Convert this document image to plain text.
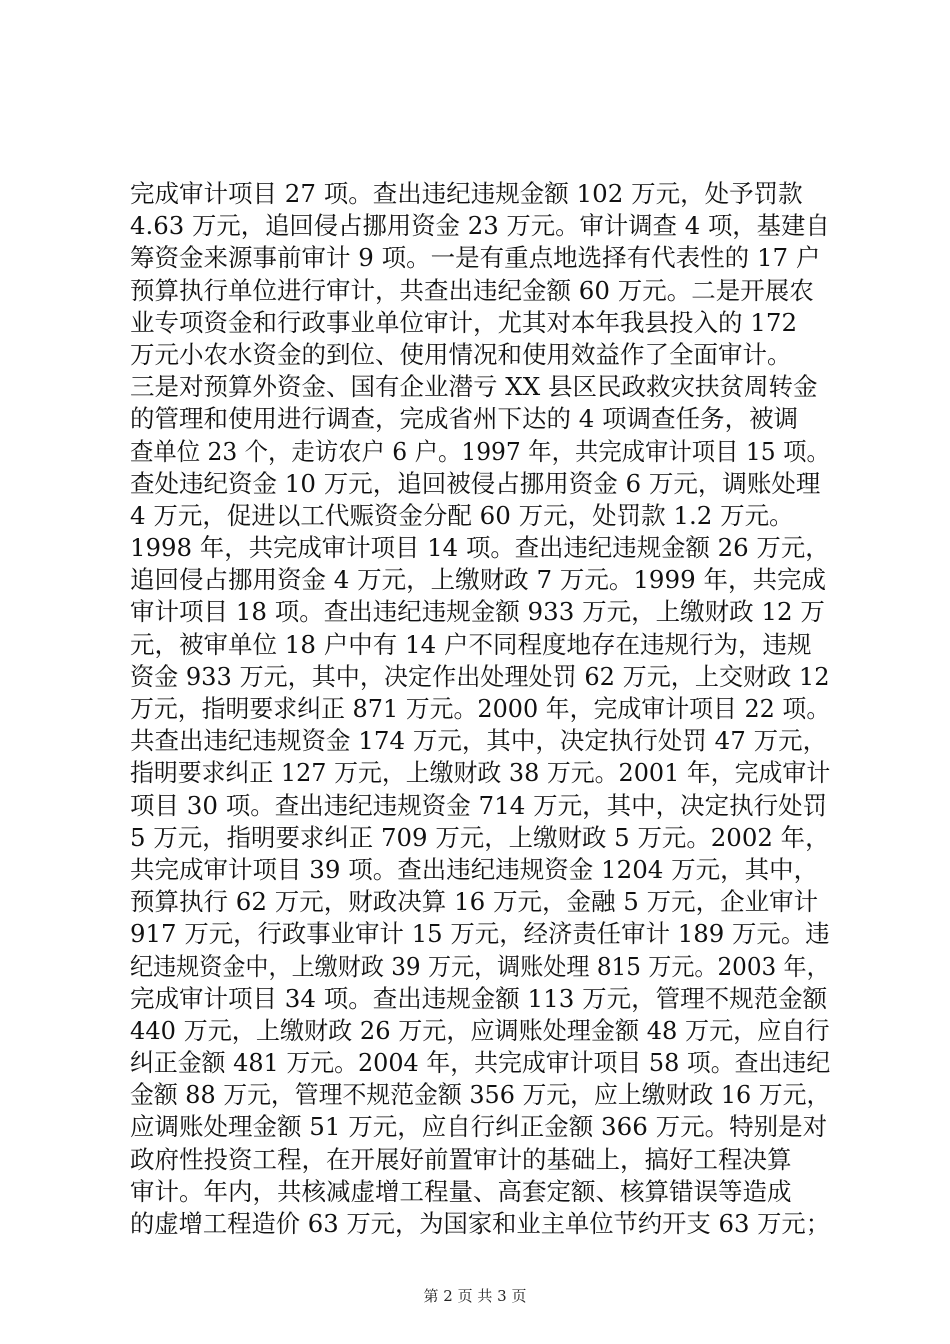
完成审计项目 27 项。查出违纪违规金额 102 万元，处予罚款
4.63 万元，追回侵占挪用资金 23 万元。审计调查 4 项，基建自
筹资金来源事前审计 9 项。一是有重点地选择有代表性的 17 户
预算执行单位进行审计，共查出违纪金额 60 万元。二是开展农
业专项资金和行政事业单位审计，尤其对本年我县投入的 172
万元小农水资金的到位、使用情况和使用效益作了全面审计。
三是对预算外资金、国有企业潜亏 XX 县区民政救灾扶贫周转金
的管理和使用进行调查，完成省州下达的 4 项调查任务，被调
查单位 23 个，走访农户 6 户。1997 年，共完成审计项目 15 项。
查处违纪资金 10 万元，追回被侵占挪用资金 6 万元，调账处理
4 万元，促进以工代赈资金分配 60 万元，处罚款 1.2 万元。
1998 年，共完成审计项目 14 项。查出违纪违规金额 26 万元，
追回侵占挪用资金 4 万元，上缴财政 7 万元。1999 年，共完成
审计项目 18 项。查出违纪违规金额 933 万元，上缴财政 12 万
元，被审单位 18 户中有 14 户不同程度地存在违规行为，违规
资金 933 万元，其中，决定作出处理处罚 62 万元，上交财政 12
万元，指明要求纠正 871 万元。2000 年，完成审计项目 22 项。
共查出违纪违规资金 174 万元，其中，决定执行处罚 47 万元，
指明要求纠正 127 万元，上缴财政 38 万元。2001 年，完成审计
项目 30 项。查出违纪违规资金 714 万元，其中，决定执行处罚
5 万元，指明要求纠正 709 万元，上缴财政 5 万元。2002 年，
共完成审计项目 39 项。查出违纪违规资金 1204 万元，其中，
预算执行 62 万元，财政决算 16 万元，金融 5 万元，企业审计
917 万元，行政事业审计 15 万元，经济责任审计 189 万元。违
纪违规资金中，上缴财政 39 万元，调账处理 815 万元。2003 年，
完成审计项目 34 项。查出违规金额 113 万元，管理不规范金额
440 万元，上缴财政 26 万元，应调账处理金额 48 万元，应自行
纠正金额 481 万元。2004 年，共完成审计项目 58 项。查出违纪
金额 88 万元，管理不规范金额 356 万元，应上缴财政 16 万元，
应调账处理金额 51 万元，应自行纠正金额 366 万元。特别是对
政府性投资工程，在开展好前置审计的基础上，搞好工程决算
审计。年内，共核减虚增工程量、高套定额、核算错误等造成
的虚增工程造价 63 万元，为国家和业主单位节约开支 63 万元；
第 2 页 共 3 页
